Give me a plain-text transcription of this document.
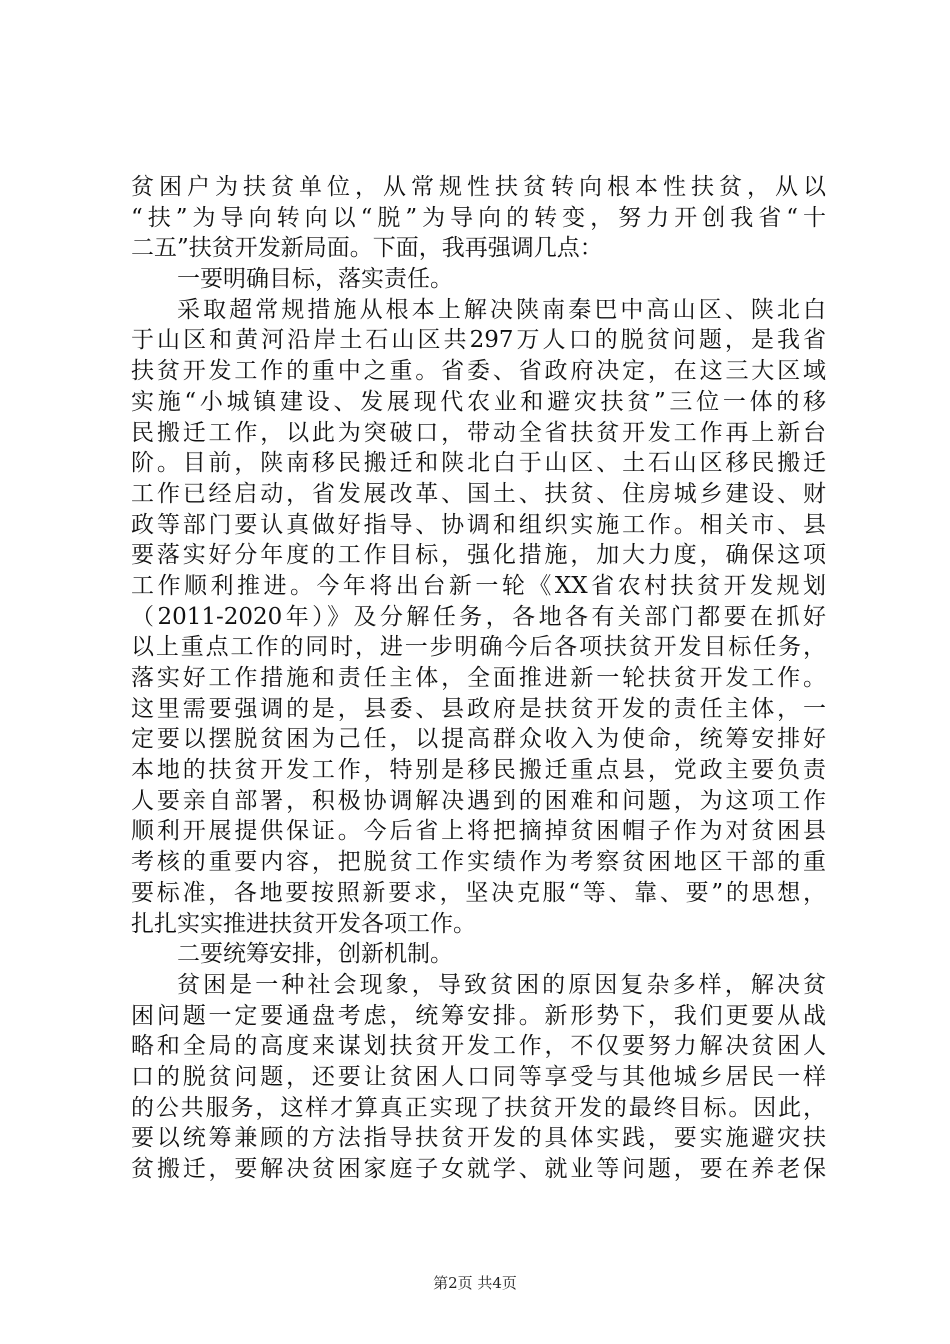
贫困户为扶贫单位，从常规性扶贫转向根本性扶贫，从以
“扶”为导向转向以“脱”为导向的转变，努力开创我省“十
二五”扶贫开发新局面。下面，我再强调几点：
一要明确目标，落实责任。
采取超常规措施从根本上解决陕南秦巴中高山区、陕北白
于山区和黄河沿岸土石山区共297万人口的脱贫问题，是我省
扶贫开发工作的重中之重。省委、省政府决定，在这三大区域
实施“小城镇建设、发展现代农业和避灾扶贫”三位一体的移
民搬迁工作，以此为突破口，带动全省扶贫开发工作再上新台
阶。目前，陕南移民搬迁和陕北白于山区、土石山区移民搬迁
工作已经启动，省发展改革、国土、扶贫、住房城乡建设、财
政等部门要认真做好指导、协调和组织实施工作。相关市、县
要落实好分年度的工作目标，强化措施，加大力度，确保这项
工作顺利推进。今年将出台新一轮《XX省农村扶贫开发规划
（2011-2020年）》及分解任务，各地各有关部门都要在抓好
以上重点工作的同时，进一步明确今后各项扶贫开发目标任务，
落实好工作措施和责任主体，全面推进新一轮扶贫开发工作。
这里需要强调的是，县委、县政府是扶贫开发的责任主体，一
定要以摆脱贫困为己任，以提高群众收入为使命，统筹安排好
本地的扶贫开发工作，特别是移民搬迁重点县，党政主要负责
人要亲自部署，积极协调解决遇到的困难和问题，为这项工作
顺利开展提供保证。今后省上将把摘掉贫困帽子作为对贫困县
考核的重要内容，把脱贫工作实绩作为考察贫困地区干部的重
要标准，各地要按照新要求，坚决克服“等、靠、要”的思想，
扎扎实实推进扶贫开发各项工作。
二要统筹安排，创新机制。
贫困是一种社会现象，导致贫困的原因复杂多样，解决贫
困问题一定要通盘考虑，统筹安排。新形势下，我们更要从战
略和全局的高度来谋划扶贫开发工作，不仅要努力解决贫困人
口的脱贫问题，还要让贫困人口同等享受与其他城乡居民一样
的公共服务，这样才算真正实现了扶贫开发的最终目标。因此，
要以统筹兼顾的方法指导扶贫开发的具体实践，要实施避灾扶
贫搬迁，要解决贫困家庭子女就学、就业等问题，要在养老保
第2页 共4页
